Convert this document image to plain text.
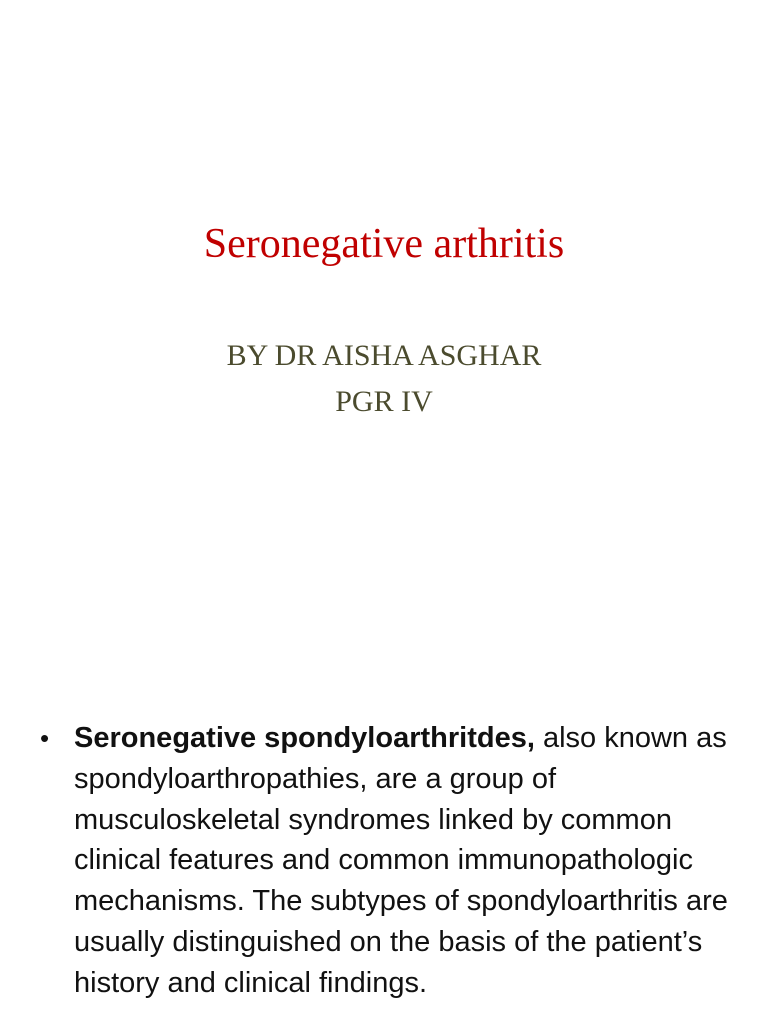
Seronegative arthritis
BY DR AISHA ASGHAR
PGR IV
• Seronegative spondyloarthritdes, also known as spondyloarthropathies, are a group of musculoskeletal syndromes linked by common clinical features and common immunopathologic mechanisms. The subtypes of spondyloarthritis are usually distinguished on the basis of the patient’s history and clinical findings.
